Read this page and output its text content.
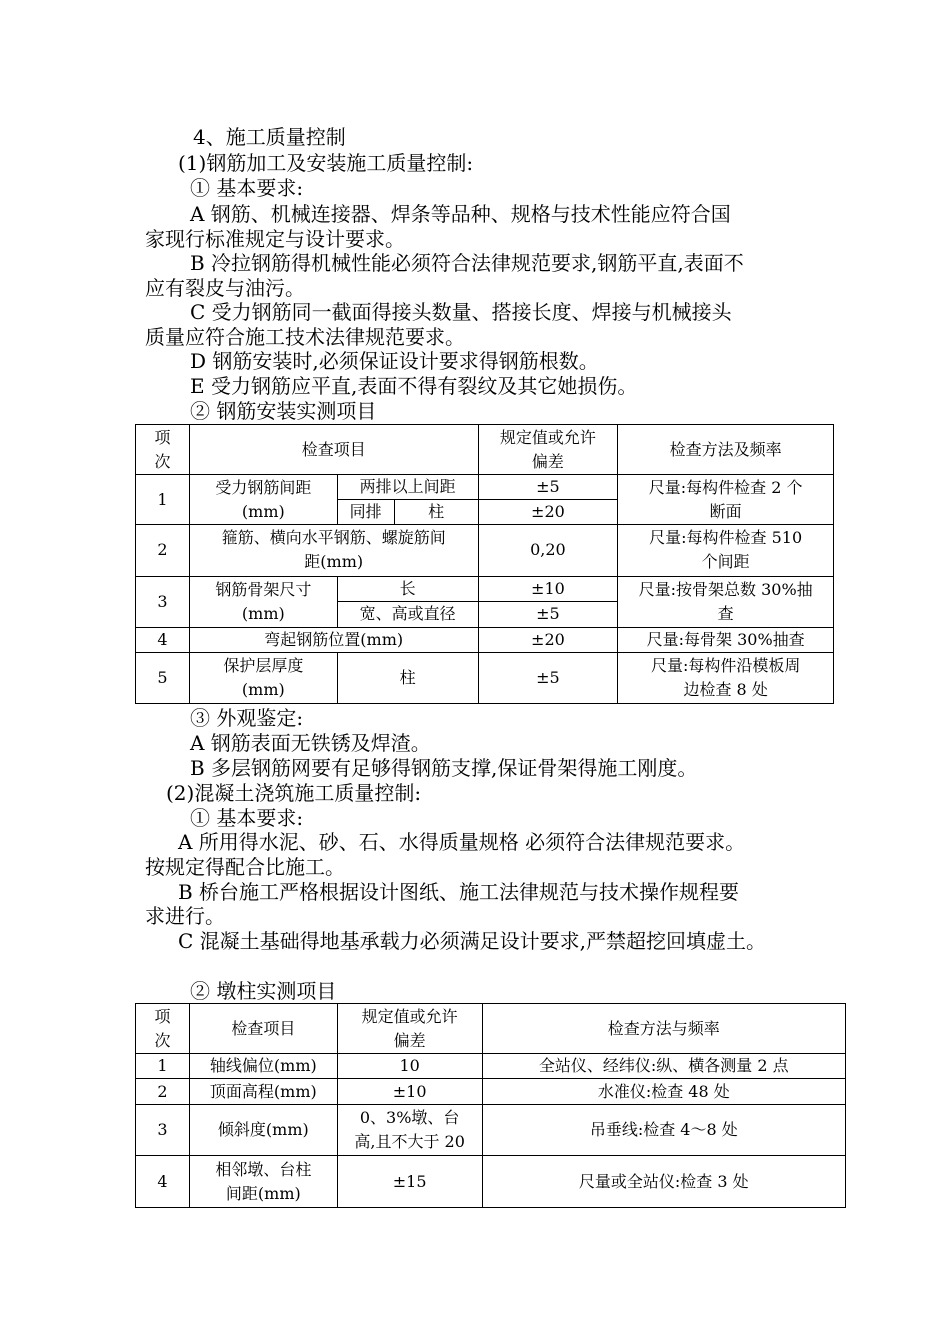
4、施工质量控制
(1)钢筋加工及安装施工质量控制:
① 基本要求:
A 钢筋、机械连接器、焊条等品种、规格与技术性能应符合国
家现行标准规定与设计要求。
B 冷拉钢筋得机械性能必须符合法律规范要求,钢筋平直,表面不
应有裂皮与油污。
C 受力钢筋同一截面得接头数量、搭接长度、焊接与机械接头
质量应符合施工技术法律规范要求。
D 钢筋安装时,必须保证设计要求得钢筋根数。
E 受力钢筋应平直,表面不得有裂纹及其它她损伤。
② 钢筋安装实测项目
项
次	检查项目			规定值或允许
偏差	检查方法及频率
1	受力钢筋间距
(mm)	两排以上间距		±5	尺量:每构件检查 2 个
断面
		同排	柱	±20	
2	箍筋、横向水平钢筋、螺旋筋间
距(mm)			0,20	尺量:每构件检查 510
个间距
3	钢筋骨架尺寸
(mm)	长		±10	尺量:按骨架总数 30%抽
查
		宽、高或直径		±5	
4	弯起钢筋位置(mm)			±20	尺量:每骨架 30%抽查
5	保护层厚度
(mm)	柱		±5	尺量:每构件沿模板周
边检查 8 处
③ 外观鉴定:
A 钢筋表面无铁锈及焊渣。
B 多层钢筋网要有足够得钢筋支撑,保证骨架得施工刚度。
(2)混凝土浇筑施工质量控制:
① 基本要求:
A 所用得水泥、砂、石、水得质量规格 必须符合法律规范要求。
按规定得配合比施工。
B 桥台施工严格根据设计图纸、施工法律规范与技术操作规程要
求进行。
C 混凝土基础得地基承载力必须满足设计要求,严禁超挖回填虚土。
② 墩柱实测项目
项
次	检查项目	规定值或允许
偏差	检查方法与频率
1	轴线偏位(mm)	10	全站仪、经纬仪:纵、横各测量 2 点
2	顶面高程(mm)	±10	水准仪:检查 48 处
3	倾斜度(mm)	0、3%墩、台
高,且不大于 20	吊垂线:检查 4～8 处
4	相邻墩、台柱
间距(mm)	±15	尺量或全站仪:检查 3 处
